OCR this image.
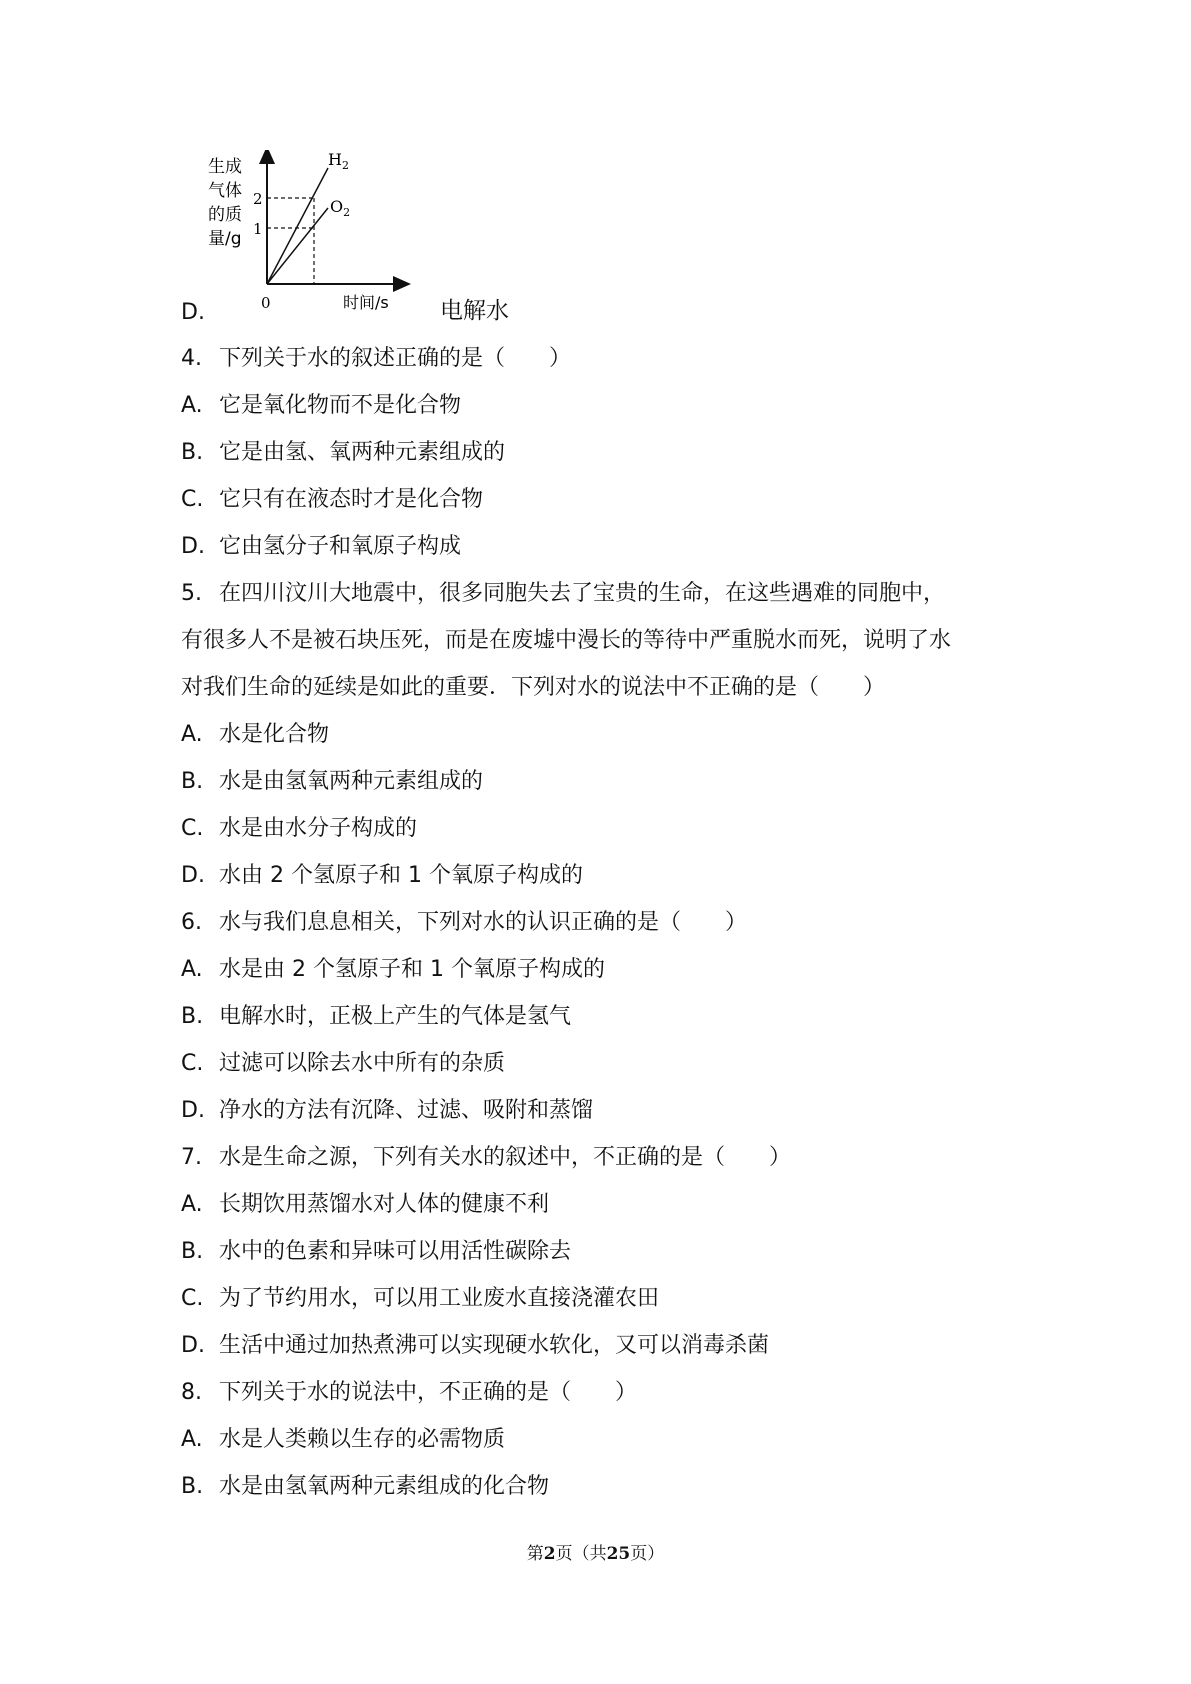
生成
气体
的质
量/g
2
1
0
$H_2$
$O_2$
时间/s
D.	电解水
4. 下列关于水的叙述正确的是（　　）
A. 它是氧化物而不是化合物
B. 它是由氢、氧两种元素组成的
C. 它只有在液态时才是化合物
D. 它由氢分子和氧原子构成
5. 在四川汶川大地震中，很多同胞失去了宝贵的生命，在这些遇难的同胞中，
有很多人不是被石块压死，而是在废墟中漫长的等待中严重脱水而死，说明了水
对我们生命的延续是如此的重要．下列对水的说法中不正确的是（　　）
A. 水是化合物
B. 水是由氢氧两种元素组成的
C. 水是由水分子构成的
D. 水由 2 个氢原子和 1 个氧原子构成的
6. 水与我们息息相关，下列对水的认识正确的是（　　）
A. 水是由 2 个氢原子和 1 个氧原子构成的
B. 电解水时，正极上产生的气体是氢气
C. 过滤可以除去水中所有的杂质
D. 净水的方法有沉降、过滤、吸附和蒸馏
7. 水是生命之源，下列有关水的叙述中，不正确的是（　　）
A. 长期饮用蒸馏水对人体的健康不利
B. 水中的色素和异味可以用活性碳除去
C. 为了节约用水，可以用工业废水直接浇灌农田
D. 生活中通过加热煮沸可以实现硬水软化，又可以消毒杀菌
8. 下列关于水的说法中，不正确的是（　　）
A. 水是人类赖以生存的必需物质
B. 水是由氢氧两种元素组成的化合物
第2页（共25页）
